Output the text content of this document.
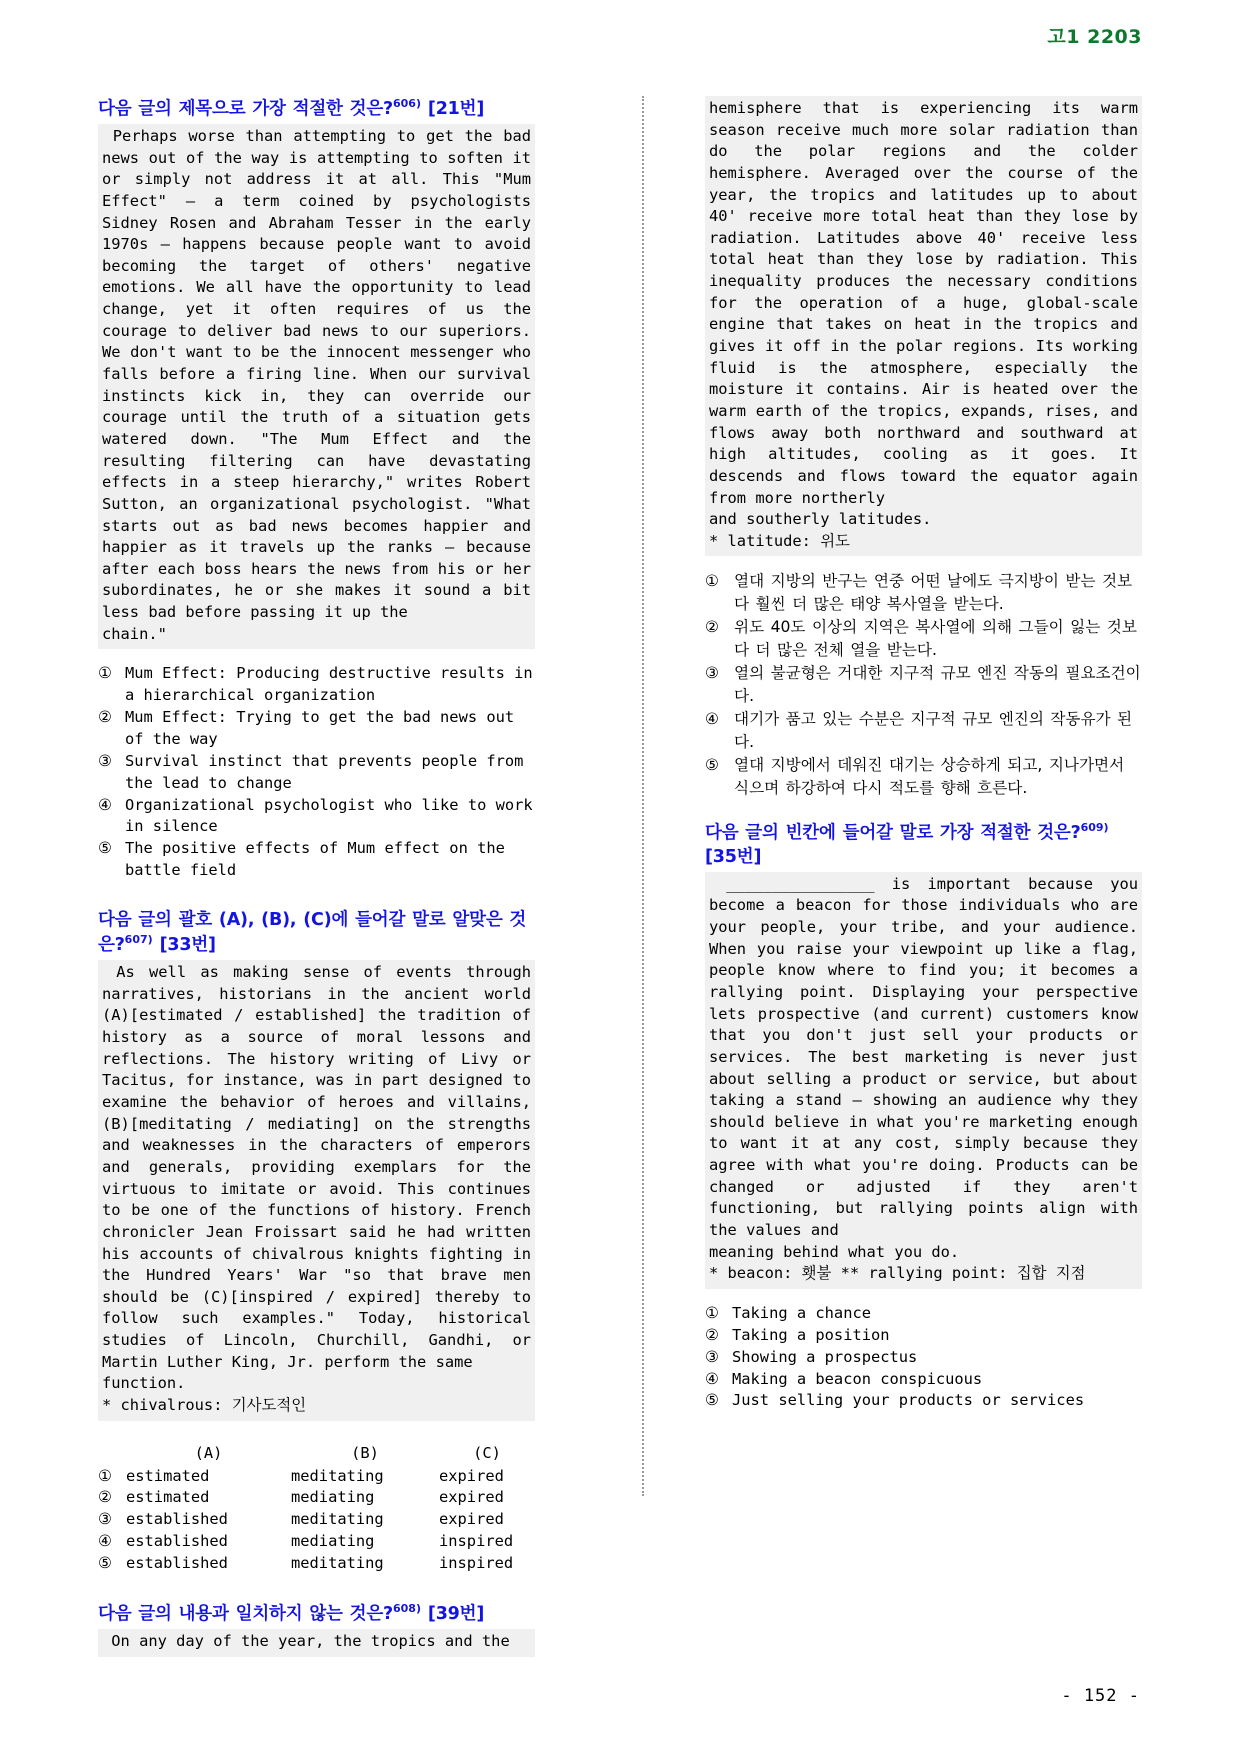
고1 2203
다음 글의 제목으로 가장 적절한 것은?$^{606)}$ [21번]
Perhaps worse than attempting to get the bad news out of the way is attempting to soften it or simply not address it at all. This "Mum Effect" — a term coined by psychologists Sidney Rosen and Abraham Tesser in the early 1970s — happens because people want to avoid becoming the target of others' negative emotions. We all have the opportunity to lead change, yet it often requires of us the courage to deliver bad news to our superiors. We don't want to be the innocent messenger who falls before a firing line. When our survival instincts kick in, they can override our courage until the truth of a situation gets watered down. "The Mum Effect and the resulting filtering can have devastating effects in a steep hierarchy," writes Robert Sutton, an organizational psychologist. "What starts out as bad news becomes happier and happier as it travels up the ranks — because after each boss hears the news from his or her subordinates, he or she makes it sound a bit less bad before passing it up the
chain."
① Mum Effect: Producing destructive results in a hierarchical organization
② Mum Effect: Trying to get the bad news out of the way
③ Survival instinct that prevents people from the lead to change
④ Organizational psychologist who like to work in silence
⑤ The positive effects of Mum effect on the battle field
다음 글의 괄호 (A), (B), (C)에 들어갈 말로 알맞은 것은?$^{607)}$ [33번]
As well as making sense of events through narratives, historians in the ancient world (A)[estimated / established] the tradition of history as a source of moral lessons and reflections. The history writing of Livy or Tacitus, for instance, was in part designed to examine the behavior of heroes and villains, (B)[meditating / mediating] on the strengths and weaknesses in the characters of emperors and generals, providing exemplars for the virtuous to imitate or avoid. This continues to be one of the functions of history. French chronicler Jean Froissart said he had written his accounts of chivalrous knights fighting in the Hundred Years' War "so that brave men should be (C)[inspired / expired] thereby to follow such examples." Today, historical studies of Lincoln, Churchill, Gandhi, or Martin Luther King, Jr. perform the same
function.
* chivalrous: 기사도적인
	(A)	(B)	(C)
①	estimated	meditating	expired
②	estimated	mediating	expired
③	established	meditating	expired
④	established	mediating	inspired
⑤	established	meditating	inspired
다음 글의 내용과 일치하지 않는 것은?$^{608)}$ [39번]
On any day of the year, the tropics and the
hemisphere that is experiencing its warm season receive much more solar radiation than do the polar regions and the colder hemisphere. Averaged over the course of the year, the tropics and latitudes up to about 40' receive more total heat than they lose by radiation. Latitudes above 40' receive less total heat than they lose by radiation. This inequality produces the necessary conditions for the operation of a huge, global-scale engine that takes on heat in the tropics and gives it off in the polar regions. Its working fluid is the atmosphere, especially the moisture it contains. Air is heated over the warm earth of the tropics, expands, rises, and flows away both northward and southward at high altitudes, cooling as it goes. It descends and flows toward the equator again from more northerly
and southerly latitudes.
* latitude: 위도
① 열대 지방의 반구는 연중 어떤 날에도 극지방이 받는 것보다 훨씬 더 많은 태양 복사열을 받는다.
② 위도 40도 이상의 지역은 복사열에 의해 그들이 잃는 것보다 더 많은 전체 열을 받는다.
③ 열의 불균형은 거대한 지구적 규모 엔진 작동의 필요조건이다.
④ 대기가 품고 있는 수분은 지구적 규모 엔진의 작동유가 된다.
⑤ 열대 지방에서 데워진 대기는 상승하게 되고, 지나가면서 식으며 하강하여 다시 적도를 향해 흐른다.
다음 글의 빈칸에 들어갈 말로 가장 적절한 것은?$^{609)}$
[35번]
________________ is important because you become a beacon for those individuals who are your people, your tribe, and your audience. When you raise your viewpoint up like a flag, people know where to find you; it becomes a rallying point. Displaying your perspective lets prospective (and current) customers know that you don't just sell your products or services. The best marketing is never just about selling a product or service, but about taking a stand — showing an audience why they should believe in what you're marketing enough to want it at any cost, simply because they agree with what you're doing. Products can be changed or adjusted if they aren't functioning, but rallying points align with the values and
meaning behind what you do.
* beacon: 횃불 ** rallying point: 집합 지점
① Taking a chance
② Taking a position
③ Showing a prospectus
④ Making a beacon conspicuous
⑤ Just selling your products or services
- 152 -
